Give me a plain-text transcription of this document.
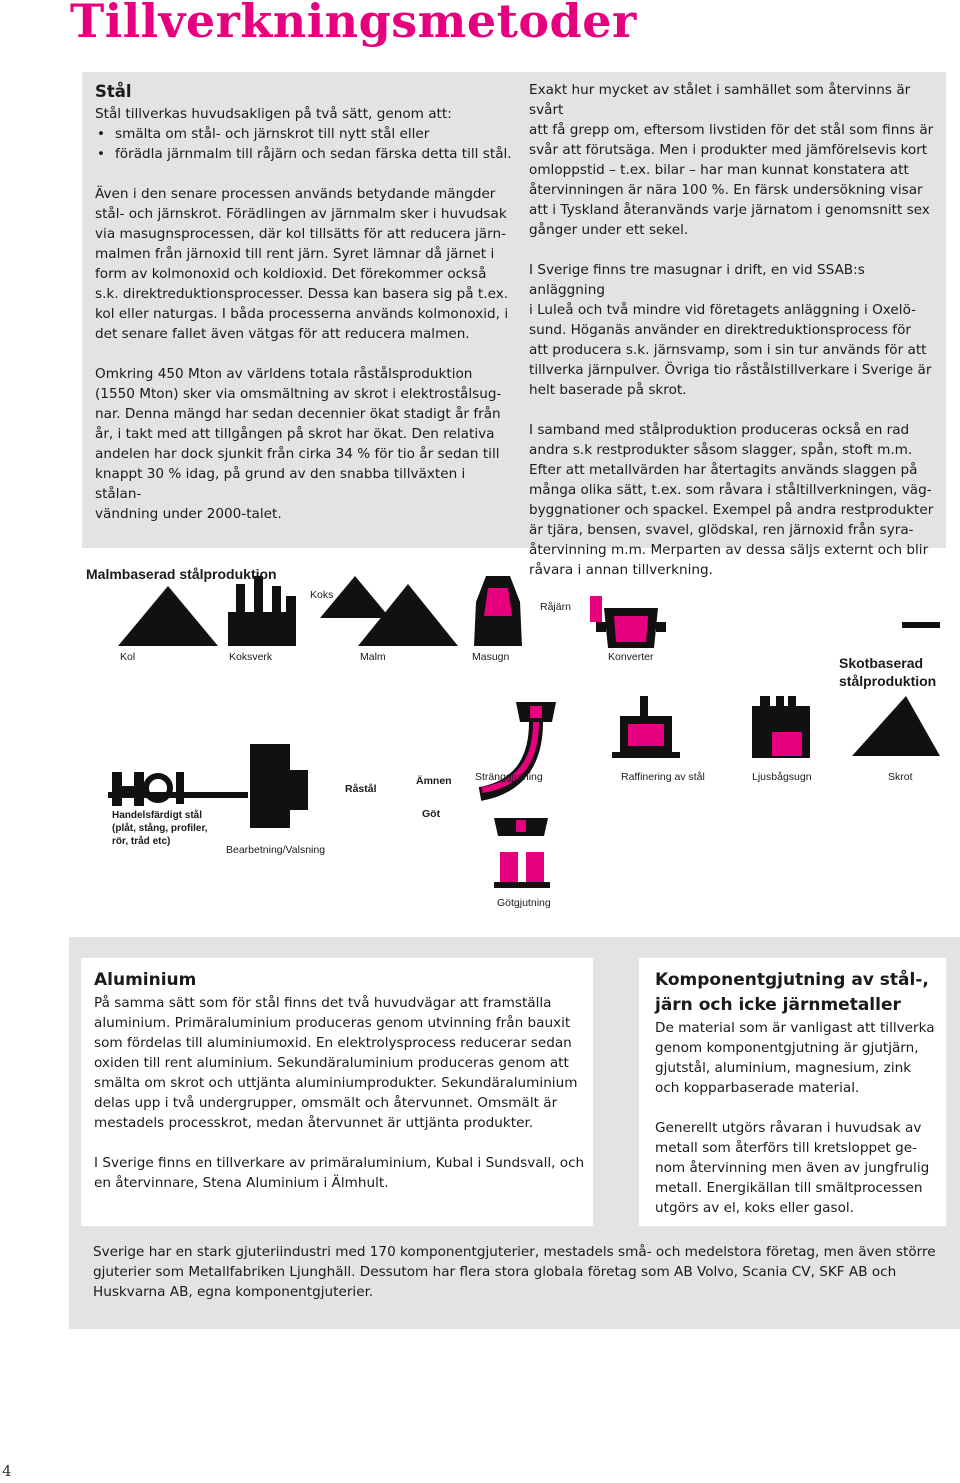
Tillverkningsmetoder
Stål

Stål tillverkas huvudsakligen på två sätt, genom att:

• smälta om stål- och järnskrot till nytt stål eller
• förädla järnmalm till råjärn och sedan färska detta till stål.

Även i den senare processen används betydande mängder

stål- och järnskrot. Förädlingen av järnmalm sker i huvudsak

via masugnsprocessen, där kol tillsätts för att reducera järn-

malmen från järnoxid till rent järn. Syret lämnar då järnet i

form av kolmonoxid och koldioxid. Det förekommer också

s.k. direktreduktionsprocesser. Dessa kan basera sig på t.ex.

kol eller naturgas. I båda processerna används kolmonoxid, i

det senare fallet även vätgas för att reducera malmen.

Omkring 450 Mton av världens totala råstålsproduktion

(1550 Mton) sker via omsmältning av skrot i elektrostålsug-

nar. Denna mängd har sedan decennier ökat stadigt år från

år, i takt med att tillgången på skrot har ökat. Den relativa

andelen har dock sjunkit från cirka 34 % för tio år sedan till

knappt 30 % idag, på grund av den snabba tillväxten i stålan-

vändning under 2000-talet.

Exakt hur mycket av stålet i samhället som återvinns är svårt

att få grepp om, eftersom livstiden för det stål som finns är

svår att förutsäga. Men i produkter med jämförelsevis kort

omloppstid – t.ex. bilar – har man kunnat konstatera att

återvinningen är nära 100 %. En färsk undersökning visar

att i Tyskland återanvänds varje järnatom i genomsnitt sex

gånger under ett sekel.

I Sverige finns tre masugnar i drift, en vid SSAB:s anläggning

i Luleå och två mindre vid företagets anläggning i Oxelö-

sund. Höganäs använder en direktreduktionsprocess för

att producera s.k. järnsvamp, som i sin tur används för att

tillverka järnpulver. Övriga tio råstålstillverkare i Sverige är

helt baserade på skrot.

I samband med stålproduktion produceras också en rad

andra s.k restprodukter såsom slagger, spån, stoft m.m.

Efter att metallvärden har återtagits används slaggen på

många olika sätt, t.ex. som råvara i ståltillverkningen, väg-

byggnationer och spackel. Exempel på andra restprodukter

är tjära, bensen, svavel, glödskal, ren järnoxid från syra-

återvinning m.m. Merparten av dessa säljs externt och blir

råvara i annan tillverkning.

Malmbaserad stålproduktion
Skotbaserad
stålproduktion
Koks
Råjärn
Kol	Koksverk	Malm	Masugn	Konverter
Råstål
Ämnen
Göt
Stränggjutning	Raffinering av stål	Ljusbågsugn	Skrot
Handelsfärdigt stål
(plåt, stång, profiler,
rör, tråd etc)
Bearbetning/Valsning
Götgjutning
Aluminium

På samma sätt som för stål finns det två huvudvägar att framställa

aluminium. Primäraluminium produceras genom utvinning från bauxit

som fördelas till aluminiumoxid. En elektrolysprocess reducerar sedan

oxiden till rent aluminium. Sekundäraluminium produceras genom att

smälta om skrot och uttjänta aluminiumprodukter. Sekundäraluminium

delas upp i två undergrupper, omsmält och återvunnet. Omsmält är

mestadels processkrot, medan återvunnet är uttjänta produkter.

I Sverige finns en tillverkare av primäraluminium, Kubal i Sundsvall, och

en återvinnare, Stena Aluminium i Älmhult.

Komponentgjutning av stål-,
järn och icke järnmetaller

De material som är vanligast att tillverka

genom komponentgjutning är gjutjärn,

gjutstål, aluminium, magnesium, zink

och kopparbaserade material.

Generellt utgörs råvaran i huvudsak av

metall som återförs till kretsloppet ge-

nom återvinning men även av jungfrulig

metall. Energikällan till smältprocessen

utgörs av el, koks eller gasol.

Sverige har en stark gjuteriindustri med 170 komponentgjuterier, mestadels små- och medelstora företag, men även större

gjuterier som Metallfabriken Ljunghäll. Dessutom har flera stora globala företag som AB Volvo, Scania CV, SKF AB och

Huskvarna AB, egna komponentgjuterier.

4
